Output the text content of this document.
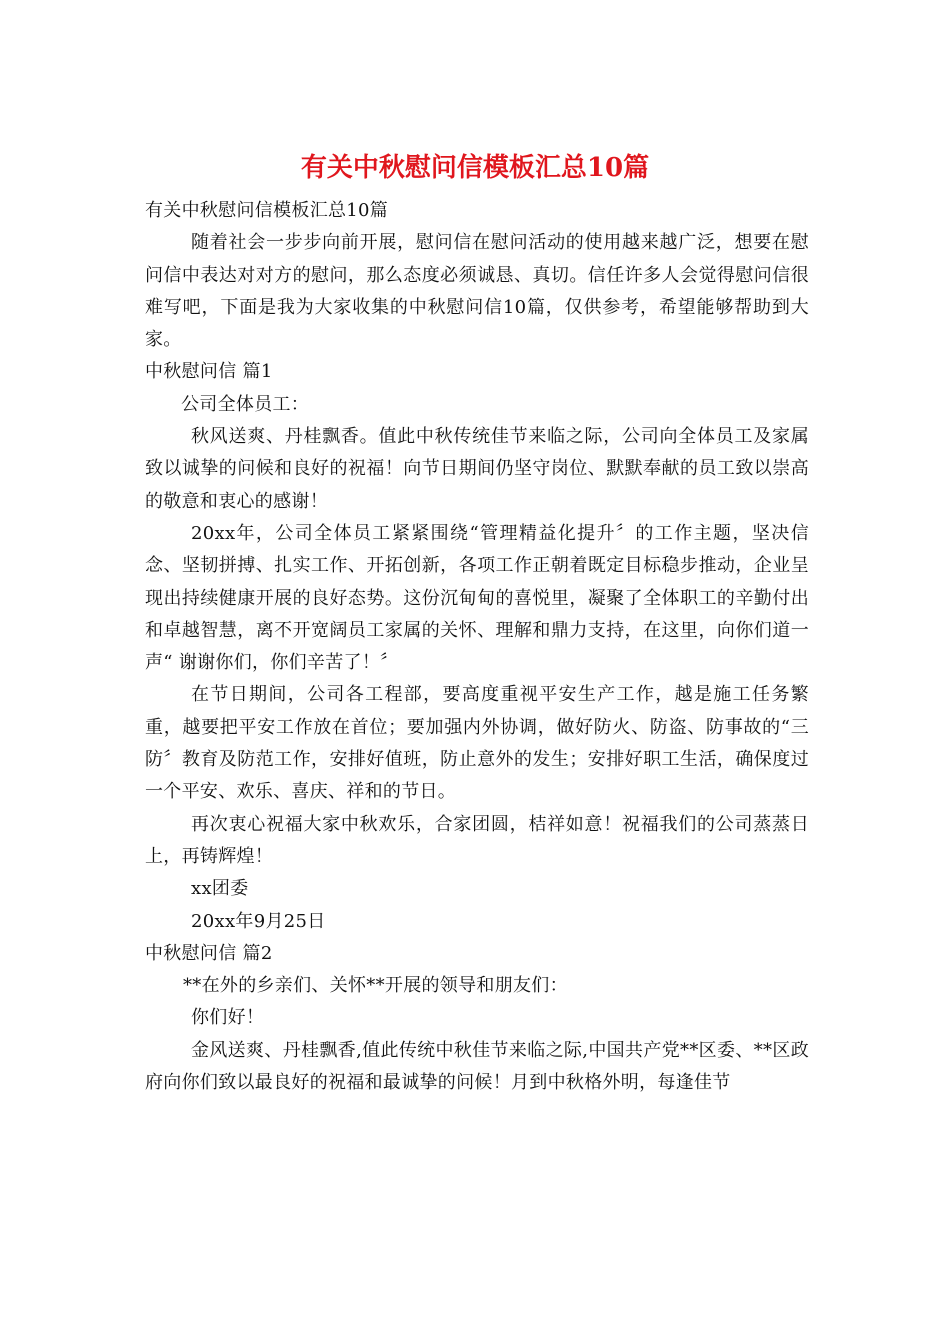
有关中秋慰问信模板汇总10篇

有关中秋慰问信模板汇总10篇

随着社会一步步向前开展，慰问信在慰问活动的使用越来越广泛，想要在慰问信中表达对对方的慰问，那么态度必须诚恳、真切。信任许多人会觉得慰问信很难写吧，下面是我为大家收集的中秋慰问信10篇，仅供参考，希望能够帮助到大家。

中秋慰问信 篇1

公司全体员工：

秋风送爽、丹桂飘香。值此中秋传统佳节来临之际，公司向全体员工及家属致以诚挚的问候和良好的祝福！向节日期间仍坚守岗位、默默奉献的员工致以崇高的敬意和衷心的感谢！

20xx年，公司全体员工紧紧围绕“管理精益化提升〞的工作主题，坚决信念、坚韧拼搏、扎实工作、开拓创新，各项工作正朝着既定目标稳步推动，企业呈现出持续健康开展的良好态势。这份沉甸甸的喜悦里，凝聚了全体职工的辛勤付出和卓越智慧，离不开宽阔员工家属的关怀、理解和鼎力支持，在这里，向你们道一声“ 谢谢你们，你们辛苦了！〞

在节日期间，公司各工程部，要高度重视平安生产工作，越是施工任务繁重，越要把平安工作放在首位；要加强内外协调，做好防火、防盗、防事故的“三防〞教育及防范工作，安排好值班，防止意外的发生；安排好职工生活，确保度过一个平安、欢乐、喜庆、祥和的节日。

再次衷心祝福大家中秋欢乐，合家团圆，桔祥如意！祝福我们的公司蒸蒸日上，再铸辉煌！

xx团委

20xx年9月25日

中秋慰问信 篇2

**在外的乡亲们、关怀**开展的领导和朋友们：

你们好！

金风送爽、丹桂飘香,值此传统中秋佳节来临之际,中国共产党**区委、**区政府向你们致以最良好的祝福和最诚挚的问候！月到中秋格外明，每逢佳节
